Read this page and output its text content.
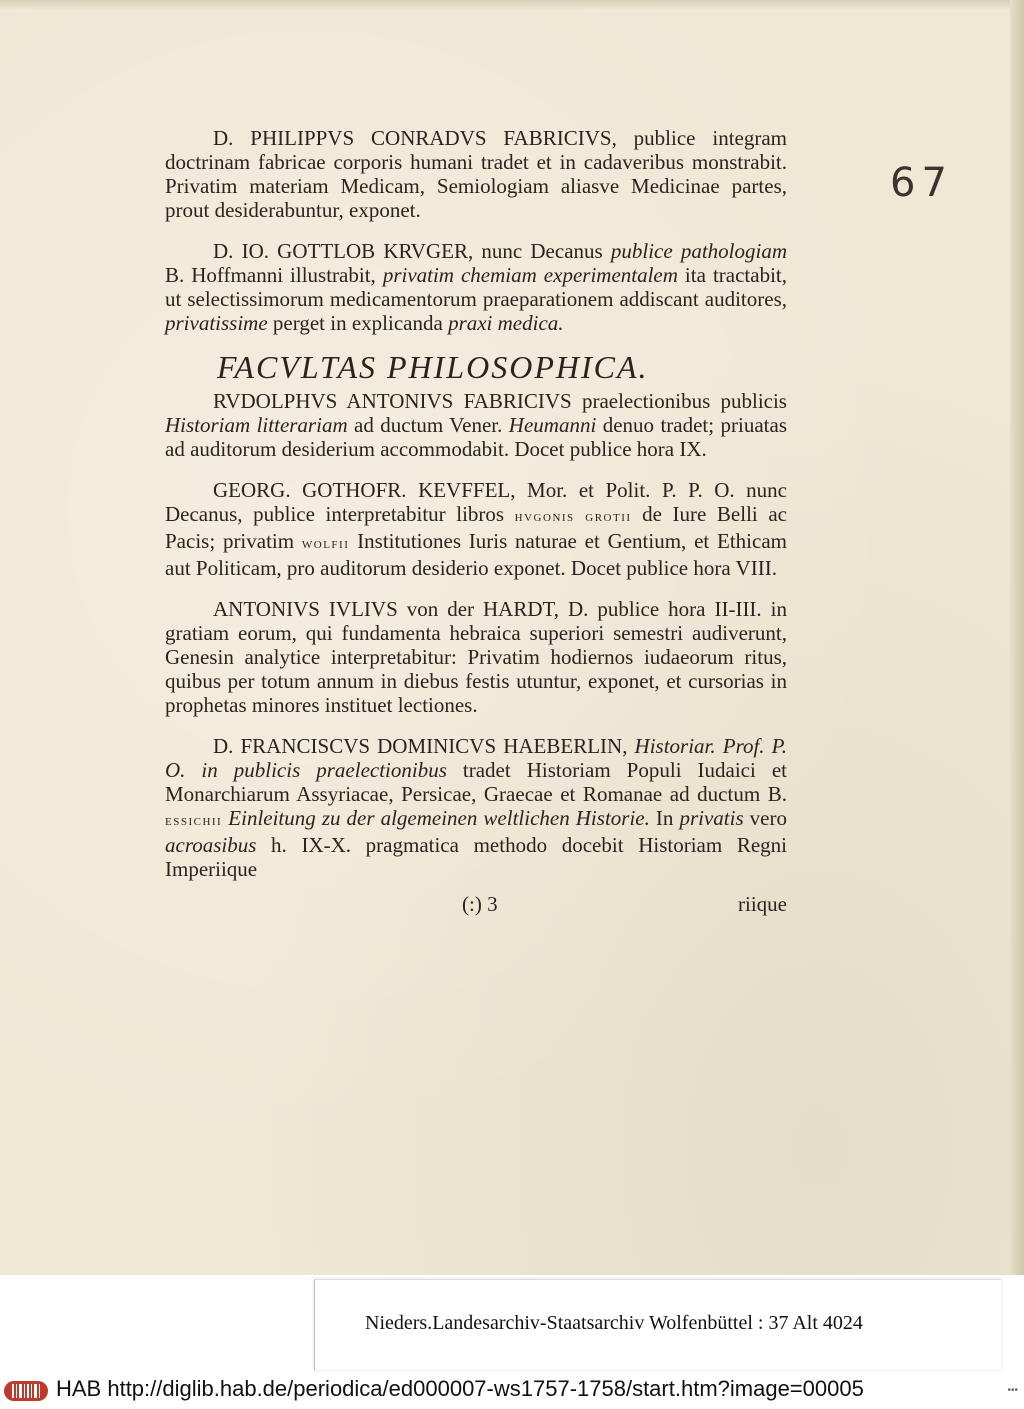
67

D. PHILIPPVS CONRADVS FABRICIVS, publice integram doctrinam fabricae corporis humani tradet et in cadaveribus monstrabit. Privatim materiam Medicam, Semiologiam aliasve Medicinae partes, prout desiderabuntur, exponet.

D. IO. GOTTLOB KRVGER, nunc Decanus publice pathologiam B. Hoffmanni illustrabit, privatim chemiam experimentalem ita tractabit, ut selectissimorum medicamentorum praeparationem addiscant auditores, privatissime perget in explicanda praxi medica.

FACVLTAS PHILOSOPHICA.

RVDOLPHVS ANTONIVS FABRICIVS praelectionibus publicis Historiam litterariam ad ductum Vener. Heumanni denuo tradet; priuatas ad auditorum desiderium accommodabit. Docet publice hora IX.

GEORG. GOTHOFR. KEVFFEL, Mor. et Polit. P. P. O. nunc Decanus, publice interpretabitur libros hvgonis grotii de Iure Belli ac Pacis; privatim wolfii Institutiones Iuris naturae et Gentium, et Ethicam aut Politicam, pro auditorum desiderio exponet. Docet publice hora VIII.

ANTONIVS IVLIVS von der HARDT, D. publice hora II-III. in gratiam eorum, qui fundamenta hebraica superiori semestri audiverunt, Genesin analytice interpretabitur: Privatim hodiernos iudaeorum ritus, quibus per totum annum in diebus festis utuntur, exponet, et cursorias in prophetas minores instituet lectiones.

D. FRANCISCVS DOMINICVS HAEBERLIN, Historiar. Prof. P. O. in publicis praelectionibus tradet Historiam Populi Iudaici et Monarchiarum Assyriacae, Persicae, Graecae et Romanae ad ductum B. essichii Einleitung zu der algemeinen weltlichen Historie. In privatis vero acroasibus h. IX-X. pragmatica methodo docebit Historiam Regni Imperiique

(:) 3	riique
Nieders.Landesarchiv-Staatsarchiv Wolfenbüttel : 37 Alt 4024
HAB http://diglib.hab.de/periodica/ed000007-ws1757-1758/start.htm?image=00005	•••
